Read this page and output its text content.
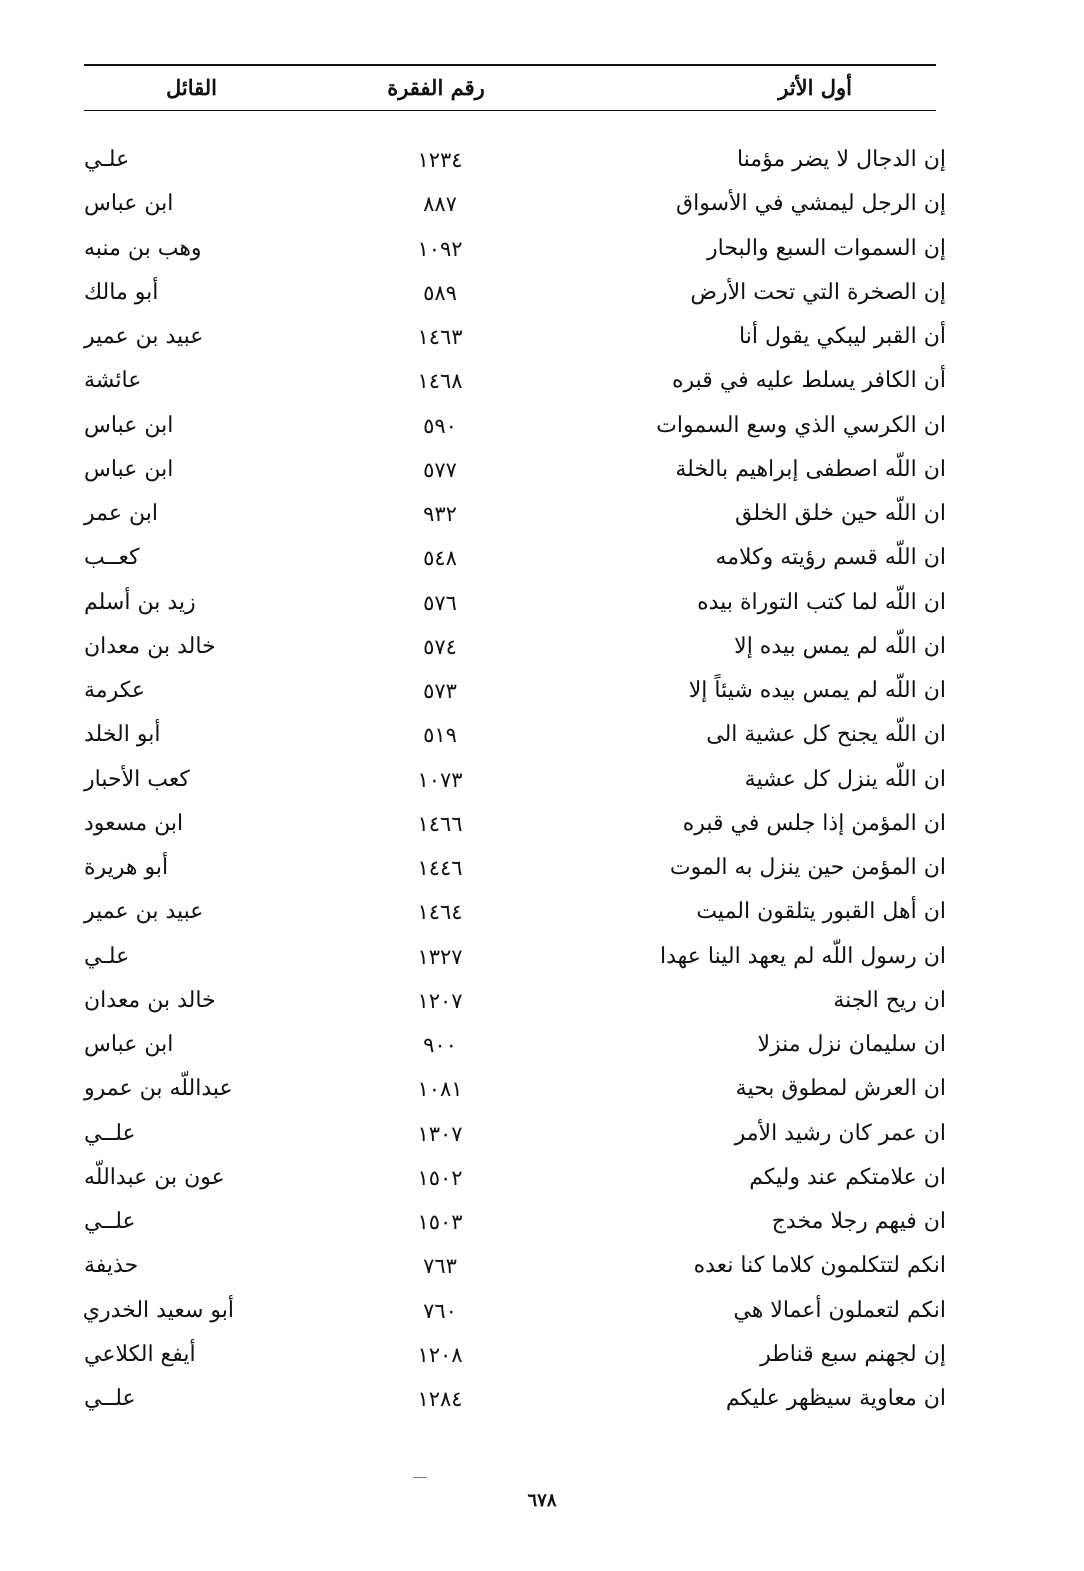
أول الأثر
رقم الفقرة
القائل
إن الدجال لا يضر مؤمنا
١٢٣٤
علـي
إن الرجل ليمشي في الأسواق
٨٨٧
ابن عباس
إن السموات السبع والبحار
١٠٩٢
وهب بن منبه
إن الصخرة التي تحت الأرض
٥٨٩
أبو مالك
أن القبر ليبكي يقول أنا
١٤٦٣
عبيد بن عمير
أن الكافر يسلط عليه في قبره
١٤٦٨
عائشة
ان الكرسي الذي وسع السموات
٥٩٠
ابن عباس
ان اللّه اصطفى إبراهيم بالخلة
٥٧٧
ابن عباس
ان اللّه حين خلق الخلق
٩٣٢
ابن عمر
ان اللّه قسم رؤيته وكلامه
٥٤٨
كعــب
ان اللّه لما كتب التوراة بيده
٥٧٦
زيد بن أسلم
ان اللّه لم يمس بيده إلا
٥٧٤
خالد بن معدان
ان اللّه لم يمس بيده شيئاً إلا
٥٧٣
عكرمة
ان اللّه يجنح كل عشية الى
٥١٩
أبو الخلد
ان اللّه ينزل كل عشية
١٠٧٣
كعب الأحبار
ان المؤمن إذا جلس في قبره
١٤٦٦
ابن مسعود
ان المؤمن حين ينزل به الموت
١٤٤٦
أبو هريرة
ان أهل القبور يتلقون الميت
١٤٦٤
عبيد بن عمير
ان رسول اللّه لم يعهد الينا عهدا
١٣٢٧
علـي
ان ريح الجنة
١٢٠٧
خالد بن معدان
ان سليمان نزل منزلا
٩٠٠
ابن عباس
ان العرش لمطوق بحية
١٠٨١
عبداللّه بن عمرو
ان عمر كان رشيد الأمر
١٣٠٧
علــي
ان علامتكم عند وليكم
١٥٠٢
عون بن عبداللّه
ان فيهم رجلا مخدج
١٥٠٣
علــي
انكم لتتكلمون كلاما كنا نعده
٧٦٣
حذيفة
انكم لتعملون أعمالا هي
٧٦٠
أبو سعيد الخدري
إن لجهنم سبع قناطر
١٢٠٨
أيفع الكلاعي
ان معاوية سيظهر عليكم
١٢٨٤
علــي
٦٧٨
